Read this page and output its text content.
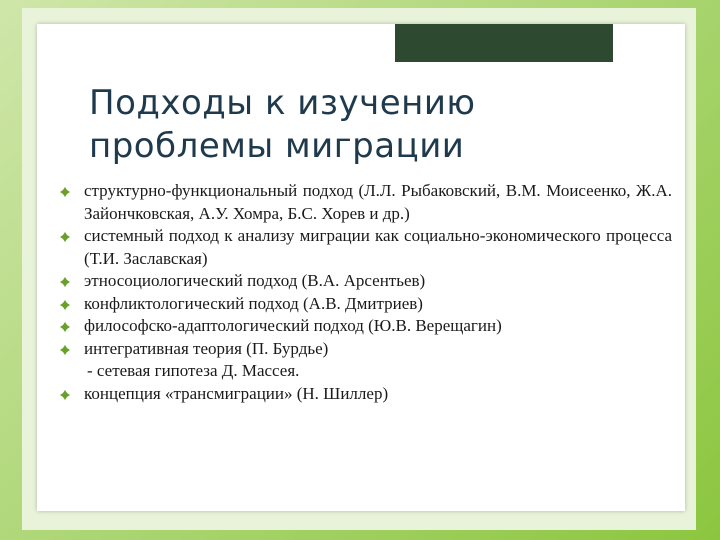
Подходы к изучению
проблемы миграции
структурно-функциональный подход (Л.Л. Рыбаковский, В.М. Моисеенко, Ж.А. Зайончковская, А.У. Хомра, Б.С. Хорев и др.)
системный подход к анализу миграции как социально-экономического процесса (Т.И. Заславская)
этносоциологический подход (В.А. Арсентьев)
конфликтологический подход (А.В. Дмитриев)
философско-адаптологический подход (Ю.В. Верещагин)
интегративная теория (П. Бурдье)
- сетевая гипотеза Д. Массея.
концепция «трансмиграции» (Н. Шиллер)
